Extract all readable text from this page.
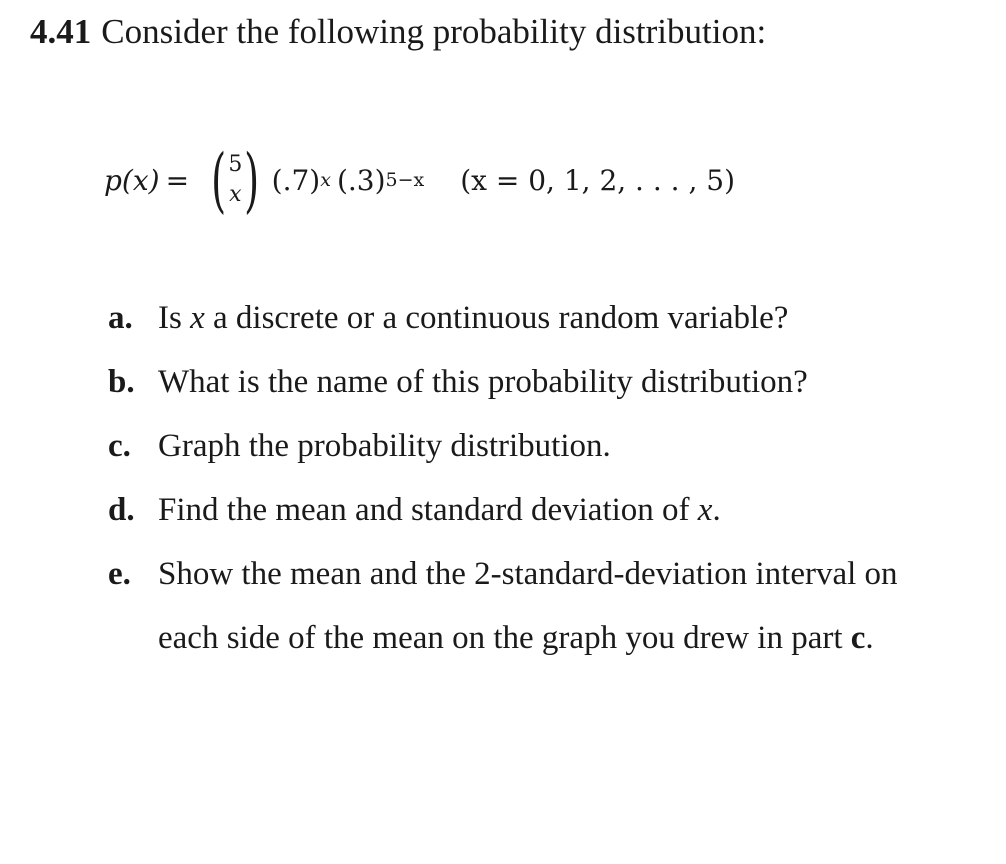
4.41 Consider the following probability distribution:
p(x) = ( 5
x ) (.7) x (.3) 5−x (x = 0, 1, 2, . . . , 5)
a. Is x a discrete or a continuous random variable?
b. What is the name of this probability distribution?
c. Graph the probability distribution.
d. Find the mean and standard deviation of x.
e. Show the mean and the 2-standard-deviation interval on each side of the mean on the graph you drew in part c.
